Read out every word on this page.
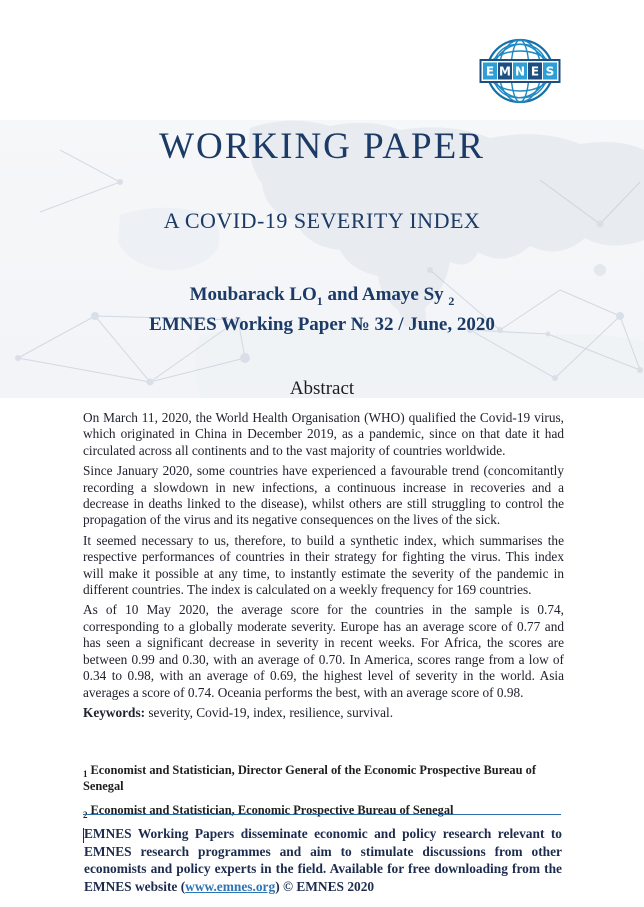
E M N E S
WORKING PAPER
A COVID-19 SEVERITY INDEX
Moubarack $LO_1$ and Amaye Sy $_2$
EMNES Working Paper № 32 / June, 2020
Abstract

On March 11, 2020, the World Health Organisation (WHO) qualified the Covid-19 virus, which originated in China in December 2019, as a pandemic, since on that date it had circulated across all continents and to the vast majority of countries worldwide.

Since January 2020, some countries have experienced a favourable trend (concomitantly recording a slowdown in new infections, a continuous increase in recoveries and a decrease in deaths linked to the disease), whilst others are still struggling to control the propagation of the virus and its negative consequences on the lives of the sick.

It seemed necessary to us, therefore, to build a synthetic index, which summarises the respective performances of countries in their strategy for fighting the virus. This index will make it possible at any time, to instantly estimate the severity of the pandemic in different countries. The index is calculated on a weekly frequency for 169 countries.

As of 10 May 2020, the average score for the countries in the sample is 0.74, corresponding to a globally moderate severity. Europe has an average score of 0.77 and has seen a significant decrease in severity in recent weeks. For Africa, the scores are between 0.99 and 0.30, with an average of 0.70. In America, scores range from a low of 0.34 to 0.98, with an average of 0.69, the highest level of severity in the world. Asia averages a score of 0.74. Oceania performs the best, with an average score of 0.98.

Keywords: severity, Covid-19, index, resilience, survival.

$_1$ Economist and Statistician, Director General of the Economic Prospective Bureau of Senegal
$_2$ Economist and Statistician, Economic Prospective Bureau of Senegal
EMNES Working Papers disseminate economic and policy research relevant to EMNES research programmes and aim to stimulate discussions from other economists and policy experts in the field. Available for free downloading from the EMNES website (www.emnes.org) © EMNES 2020
